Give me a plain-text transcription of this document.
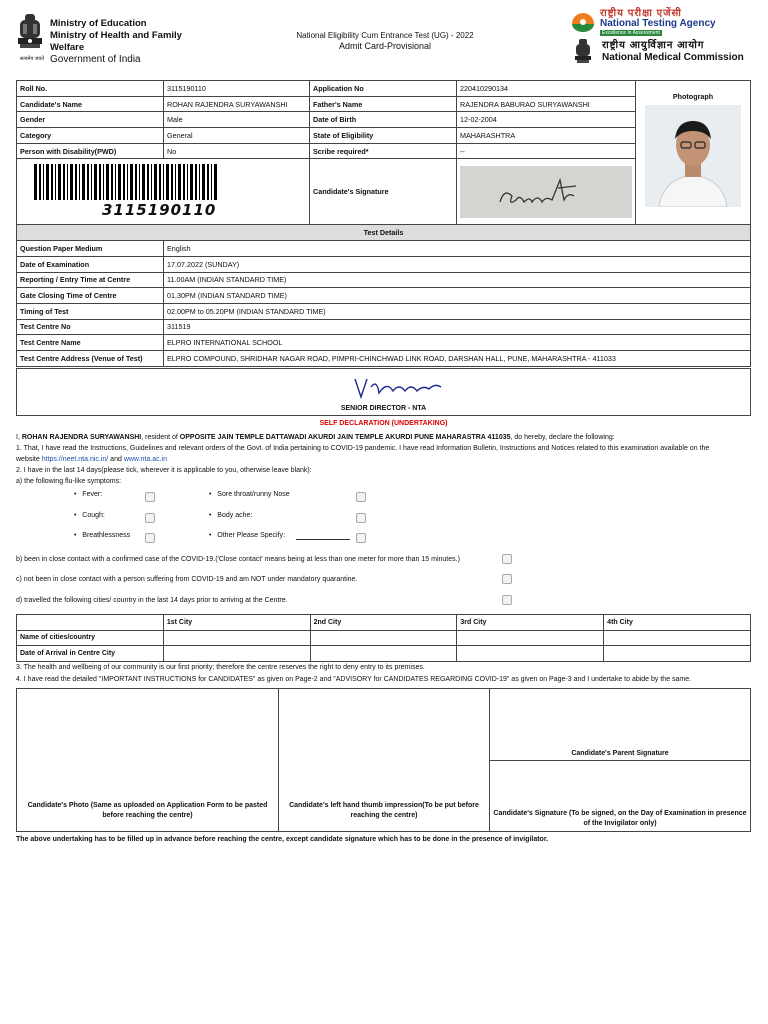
सत्यमेव जयते
Ministry of Education
Ministry of Health and Family Welfare
Government of India
National Eligibility Cum Entrance Test (UG) - 2022
Admit Card-Provisional
राष्ट्रीय परीक्षा एजेंसी
National Testing Agency
Excellence in Assessment
राष्ट्रीय आयुर्विज्ञान आयोग
National Medical Commission
Roll No.	3115190110	Application No	220410290134	Photograph

Candidate's Name	ROHAN RAJENDRA SURYAWANSHI	Father's Name	RAJENDRA BABURAO SURYAWANSHI	
Gender	Male	Date of Birth	12-02-2004	
Category	General	State of Eligibility	MAHARASHTRA	
Person with Disability(PWD)	No	Scribe required*	--	

3115190110		Candidate's Signature	

Test Details				
Question Paper Medium	English			
Date of Examination	17.07.2022 (SUNDAY)			
Reporting / Entry Time at Centre	11.00AM (INDIAN STANDARD TIME)			
Gate Closing Time of Centre	01.30PM (INDIAN STANDARD TIME)			
Timing of Test	02.00PM to 05.20PM (INDIAN STANDARD TIME)			
Test Centre No	311519			
Test Centre Name	ELPRO INTERNATIONAL SCHOOL			
Test Centre Address (Venue of Test)	ELPRO COMPOUND, SHRIDHAR NAGAR ROAD, PIMPRI-CHINCHWAD LINK ROAD, DARSHAN HALL, PUNE, MAHARASHTRA - 411033			
SENIOR DIRECTOR - NTA
SELF DECLARATION (UNDERTAKING)
I, ROHAN RAJENDRA SURYAWANSHI, resident of OPPOSITE JAIN TEMPLE DATTAWADI AKURDI JAIN TEMPLE AKURDI PUNE MAHARASTRA 411035, do hereby, declare the following:
1. That, I have read the Instructions, Guidelines and relevant orders of the Govt. of India pertaining to COVID-19 pandemic. I have read Information Bulletin, Instructions and Notices related to this examination available on the
website https://neet.nta.nic.in/ and www.nta.ac.in
2. I have in the last 14 days(please tick, wherever it is applicable to you, otherwise leave blank):
a) the following flu-like symptoms:
•   Fever:
•   Cough:
•   Breathlessness
•   Sore throat/runny Nose
•   Body ache:
•   Other Please Specify:
b) been in close contact with a confirmed case of the COVID-19.('Close contact' means being at less than one meter for more than 15 minutes.)
c) not been in close contact with a person suffering from COVID-19 and am NOT under mandatory quarantine.
d) travelled the following cities/ country in the last 14 days prior to arriving at the Centre.
	1st City	2nd City	3rd City	4th City
Name of cities/country				
Date of Arrival in Centre City				
3. The health and wellbeing of our community is our first priority; therefore the centre reserves the right to deny entry to its premises.
4. I have read the detailed "IMPORTANT INSTRUCTIONS for CANDIDATES" as given on Page-2 and "ADVISORY for CANDIDATES REGARDING COVID-19" as given on Page-3 and I undertake to abide by the same.
Candidate's Photo (Same as uploaded on Application Form to be pasted before reaching the centre)
Candidate's left hand thumb impression(To be put before reaching the centre)
Candidate's Parent Signature
Candidate's Signature (To be signed, on the Day of Examination in presence of the Invigilator only)
The above undertaking has to be filled up in advance before reaching the centre, except candidate signature which has to be done in the presence of invigilator.
